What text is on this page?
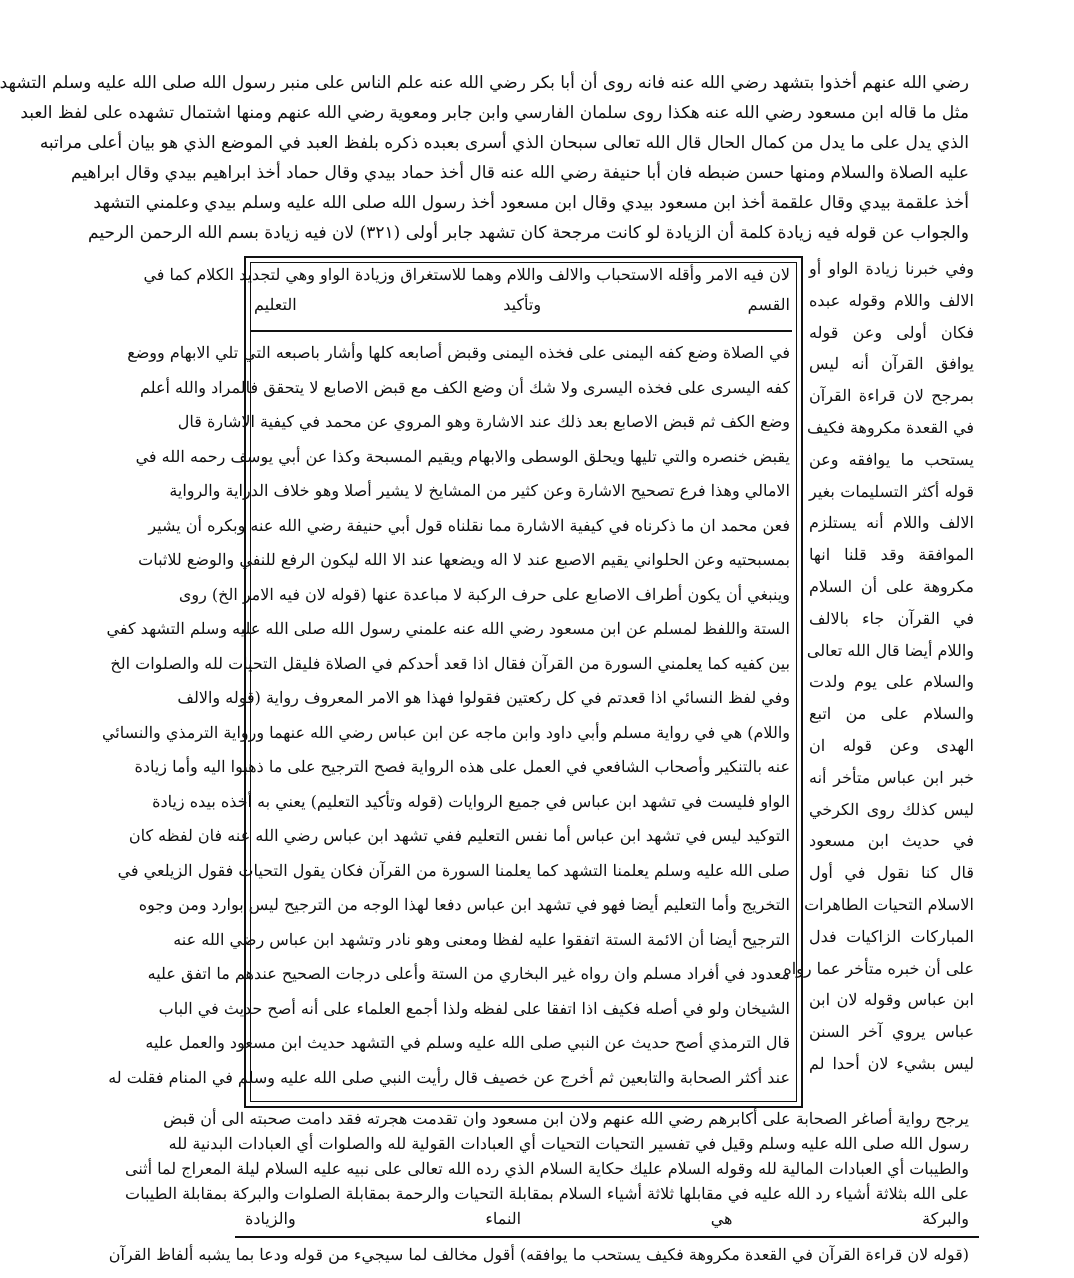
رضي الله عنهم أخذوا بتشهد رضي الله عنه فانه روى أن أبا بكر رضي الله عنه علم الناس على منبر رسول الله صلى الله عليه وسلم التشهد
مثل ما قاله ابن مسعود رضي الله عنه هكذا روى سلمان الفارسي وابن جابر ومعوية رضي الله عنهم ومنها اشتمال تشهده على لفظ العبد
الذي يدل على ما يدل من كمال الحال قال الله تعالى سبحان الذي أسرى بعبده ذكره بلفظ العبد في الموضع الذي هو بيان أعلى مراتبه
عليه الصلاة والسلام ومنها حسن ضبطه فان أبا حنيفة رضي الله عنه قال أخذ حماد بيدي وقال حماد أخذ ابراهيم بيدي وقال ابراهيم
أخذ علقمة بيدي وقال علقمة أخذ ابن مسعود بيدي وقال ابن مسعود أخذ رسول الله صلى الله عليه وسلم بيدي وعلمني التشهد
والجواب عن قوله فيه زيادة كلمة أن الزيادة لو كانت مرجحة كان تشهد جابر أولى (٣٢١) لان فيه زيادة بسم الله الرحمن الرحيم
لان فيه الامر وأقله الاستحباب والالف واللام وهما للاستغراق وزيادة الواو وهي لتجديد الكلام كما في
القسم وتأكيد التعليم
في الصلاة وضع كفه اليمنى على فخذه اليمنى وقبض أصابعه كلها وأشار باصبعه التي تلي الابهام ووضع
كفه اليسرى على فخذه اليسرى ولا شك أن وضع الكف مع قبض الاصابع لا يتحقق فالمراد والله أعلم
وضع الكف ثم قبض الاصابع بعد ذلك عند الاشارة وهو المروي عن محمد في كيفية الاشارة قال
يقبض خنصره والتي تليها ويحلق الوسطى والابهام ويقيم المسبحة وكذا عن أبي يوسف رحمه الله في
الامالي وهذا فرع تصحيح الاشارة وعن كثير من المشايخ لا يشير أصلا وهو خلاف الدراية والرواية
فعن محمد ان ما ذكرناه في كيفية الاشارة مما نقلناه قول أبي حنيفة رضي الله عنه وبكره أن يشير
بمسبحتيه وعن الحلواني يقيم الاصبع عند لا اله ويضعها عند الا الله ليكون الرفع للنفي والوضع للاثبات
وينبغي أن يكون أطراف الاصابع على حرف الركبة لا مباعدة عنها (قوله لان فيه الامر الخ) روى
الستة واللفظ لمسلم عن ابن مسعود رضي الله عنه علمني رسول الله صلى الله عليه وسلم التشهد كفي
بين كفيه كما يعلمني السورة من القرآن فقال اذا قعد أحدكم في الصلاة فليقل التحيات لله والصلوات الخ
وفي لفظ النسائي اذا قعدتم في كل ركعتين فقولوا فهذا هو الامر المعروف رواية (قوله والالف
واللام) هي في رواية مسلم وأبي داود وابن ماجه عن ابن عباس رضي الله عنهما ورواية الترمذي والنسائي
عنه بالتنكير وأصحاب الشافعي في العمل على هذه الرواية فصح الترجيح على ما ذهبوا اليه وأما زيادة
الواو فليست في تشهد ابن عباس في جميع الروايات (قوله وتأكيد التعليم) يعني به أخذه بيده زيادة
التوكيد ليس في تشهد ابن عباس أما نفس التعليم ففي تشهد ابن عباس رضي الله عنه فان لفظه كان
صلى الله عليه وسلم يعلمنا التشهد كما يعلمنا السورة من القرآن فكان يقول التحيات فقول الزيلعي في
التخريج وأما التعليم أيضا فهو في تشهد ابن عباس دفعا لهذا الوجه من الترجيح ليس بوارد ومن وجوه
الترجيح أيضا أن الائمة الستة اتفقوا عليه لفظا ومعنى وهو نادر وتشهد ابن عباس رضي الله عنه
معدود في أفراد مسلم وان رواه غير البخاري من الستة وأعلى درجات الصحيح عندهم ما اتفق عليه
الشيخان ولو في أصله فكيف اذا اتفقا على لفظه ولذا أجمع العلماء على أنه أصح حديث في الباب
قال الترمذي أصح حديث عن النبي صلى الله عليه وسلم في التشهد حديث ابن مسعود والعمل عليه
عند أكثر الصحابة والتابعين ثم أخرج عن خصيف قال رأيت النبي صلى الله عليه وسلم في المنام فقلت له
وفي خبرنا زيادة الواو أو
الالف واللام وقوله عبده
فكان أولى وعن قوله
يوافق القرآن أنه ليس
بمرجح لان قراءة القرآن
في القعدة مكروهة فكيف
يستحب ما يوافقه وعن
قوله أكثر التسليمات بغير
الالف واللام أنه يستلزم
الموافقة وقد قلنا انها
مكروهة على أن السلام
في القرآن جاء بالالف
واللام أيضا قال الله تعالى
والسلام على يوم ولدت
والسلام على من اتبع
الهدى وعن قوله ان
خبر ابن عباس متأخر أنه
ليس كذلك روى الكرخي
في حديث ابن مسعود
قال كنا نقول في أول
الاسلام التحيات الطاهرات
المباركات الزاكيات فدل
على أن خبره متأخر عما رواه
ابن عباس وقوله لان ابن
عباس يروي آخر السنن
ليس بشيء لان أحدا لم
يرجح رواية أصاغر الصحابة على أكابرهم رضي الله عنهم ولان ابن مسعود وان تقدمت هجرته فقد دامت صحبته الى أن قبض
رسول الله صلى الله عليه وسلم وقيل في تفسير التحيات التحيات أي العبادات القولية لله والصلوات أي العبادات البدنية لله
والطيبات أي العبادات المالية لله وقوله السلام عليك حكاية السلام الذي رده الله تعالى على نبيه عليه السلام ليلة المعراج لما أثنى
على الله بثلاثة أشياء رد الله عليه في مقابلها ثلاثة أشياء السلام بمقابلة التحيات والرحمة بمقابلة الصلوات والبركة بمقابلة الطيبات
والبركة هي النماء والزيادة
(قوله لان قراءة القرآن في القعدة مكروهة فكيف يستحب ما يوافقه) أقول مخالف لما سيجيء من قوله ودعا بما يشبه ألفاظ القرآن
